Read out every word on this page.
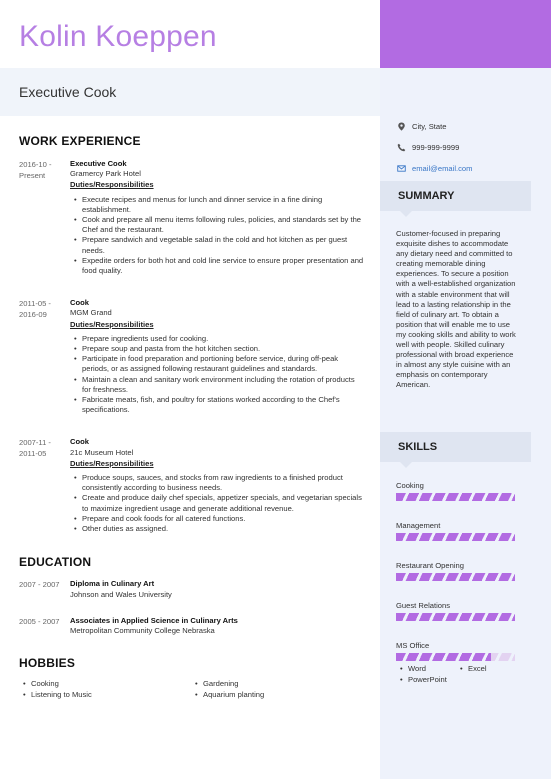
Kolin Koeppen
Executive Cook
City, State
999-999-9999
email@email.com
SUMMARY
Customer-focused in preparing exquisite dishes to accommodate any dietary need and committed to creating memorable dining experiences. To secure a position with a well-established organization with a stable environment that will lead to a lasting relationship in the field of culinary art. To obtain a position that will enable me to use my cooking skills and ability to work well with people. Skilled culinary professional with broad experience in almost any style cuisine with an emphasis on contemporary American.
SKILLS
Cooking
Management
Restaurant Opening
Guest Relations
MS Office
• Word
•	Excel
• PowerPoint
WORK EXPERIENCE
2016-10 - Present
Executive Cook
Gramercy Park Hotel
Duties/Responsibilities
• Execute recipes and menus for lunch and dinner service in a fine dining establishment.
• Cook and prepare all menu items following rules, policies, and standards set by the Chef and the restaurant.
• Prepare sandwich and vegetable salad in the cold and hot kitchen as per guest needs.
• Expedite orders for both hot and cold line service to ensure proper presentation and food quality.
2011-05 - 2016-09
Cook
MGM Grand
Duties/Responsibilities
• Prepare ingredients used for cooking.
• Prepare soup and pasta from the hot kitchen section.
• Participate in food preparation and portioning before service, during off-peak periods, or as assigned following restaurant guidelines and standards.
• Maintain a clean and sanitary work environment including the rotation of products for freshness.
• Fabricate meats, fish, and poultry for stations worked according to the Chef's specifications.
2007-11 - 2011-05
Cook
21c Museum Hotel
Duties/Responsibilities
• Produce soups, sauces, and stocks from raw ingredients to a finished product consistently according to business needs.
• Create and produce daily chef specials, appetizer specials, and vegetarian specials to maximize ingredient usage and generate additional revenue.
• Prepare and cook foods for all catered functions.
• Other duties as assigned.
EDUCATION
2007 - 2007	Diploma in Culinary Art
Johnson and Wales University
2005 - 2007	Associates in Applied Science in Culinary Arts
Metropolitan Community College Nebraska
HOBBIES
• Cooking
• Listening to Music
• Gardening
• Aquarium planting
